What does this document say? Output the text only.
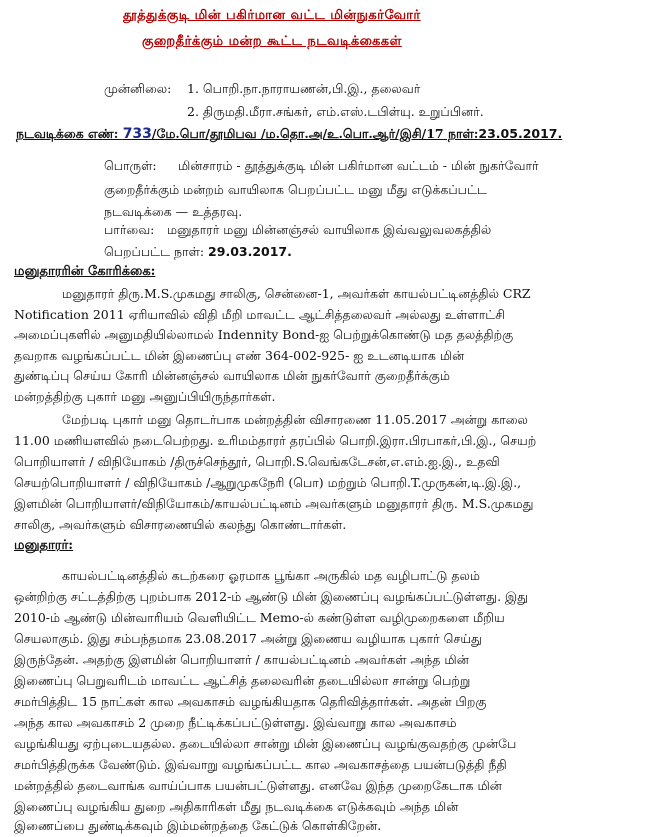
தூத்துக்குடி மின் பகிர்மான வட்ட மின்நுகர்வோர்
குறைதீர்க்கும் மன்ற கூட்ட நடவடிக்கைகள்
முன்னிலை: 1. பொறி.நா.நாராயணன்,பி.இ., தலைவர்
2. திருமதி.மீரா.சங்கர், எம்.எஸ்.டபிள்யு. உறுப்பினர்.
நடவடிக்கை எண்: 733/மே.பொ/தூமிபவ /ம.தொ.அ/உ.பொ.ஆர்/இசி/17 நாள்:23.05.2017.
பொருள்: மின்சாரம் - தூத்துக்குடி மின் பகிர்மான வட்டம் - மின் நுகர்வோர்
குறைதீர்க்கும் மன்றம் வாயிலாக பெறப்பட்ட மனு மீது எடுக்கப்பட்ட
நடவடிக்கை — உத்தரவு.
பார்வை: மனுதாரர் மனு மின்னஞ்சல் வாயிலாக இவ்வலுவலகத்தில்
பெறப்பட்ட நாள்: 29.03.2017.
மனுதாரரின் கோரிக்கை:
மனுதாரர் திரு.M.S.முகமது சாலிகு, சென்னை-1, அவர்கள் காயல்பட்டினத்தில் CRZ
Notification 2011 ஏரியாவில் விதி மீறி மாவட்ட ஆட்சித்தலைவர் அல்லது உள்ளாட்சி
அமைப்புகளில் அனுமதியில்லாமல் Indennity Bond-ஐ பெற்றுக்கொண்டு மத தலத்திற்கு
தவறாக வழங்கப்பட்ட மின் இணைப்பு எண் 364-002-925- ஐ உடனடியாக மின்
துண்டிப்பு செய்ய கோரி மின்னஞ்சல் வாயிலாக மின் நுகர்வோர் குறைதீர்க்கும்
மன்றத்திற்கு புகார் மனு அனுப்பியிருந்தார்கள்.
மேற்படி புகார் மனு தொடர்பாக மன்றத்தின் விசாரணை 11.05.2017 அன்று காலை
11.00 மணியளவில் நடைபெற்றது. உரிமம்தாரர் தரப்பில் பொறி.இரா.பிரபாகர்,பி.இ., செயற்
பொறியாளர் / விநியோகம் /திருச்செந்தூர், பொறி.S.வெங்கடேசன்,எ.எம்.ஐ.இ., உதவி
செயற்பொறியாளர் / விநியோகம் /ஆறுமுகநேரி (பொ) மற்றும் பொறி.T.முருகன்,டி.இ.இ.,
இளமின் பொறியாளர்/விநியோகம்/காயல்பட்டினம் அவர்களும் மனுதாரர் திரு. M.S.முகமது
சாலிகு, அவர்களும் விசாரணையில் கலந்து கொண்டார்கள்.
மனுதாரர்:
காயல்பட்டினத்தில் கடற்கரை ஓரமாக பூங்கா அருகில் மத வழிபாட்டு தலம்
ஒன்றிற்கு சட்டத்திற்கு புறம்பாக 2012-ம் ஆண்டு மின் இணைப்பு வழங்கப்பட்டுள்ளது. இது
2010-ம் ஆண்டு மின்வாரியம் வெளியிட்ட Memo-ல் கண்டுள்ள வழிமுறைகளை மீறிய
செயலாகும். இது சம்பந்தமாக 23.08.2017 அன்று இணைய வழியாக புகார் செய்து
இருந்தேன். அதற்கு இளமின் பொறியாளர் / காயல்பட்டினம் அவர்கள் அந்த மின்
இணைப்பு பெறுவரிடம் மாவட்ட ஆட்சித் தலைவரின் தடையில்லா சான்று பெற்று
சமர்பித்திட 15 நாட்கள் கால அவகாசம் வழங்கியதாக தெரிவித்தார்கள். அதன் பிறகு
அந்த கால அவகாசம் 2 முறை நீட்டிக்கப்பட்டுள்ளது. இவ்வாறு கால அவகாசம்
வழங்கியது ஏற்புடையதல்ல. தடையில்லா சான்று மின் இணைப்பு வழங்குவதற்கு முன்பே
சமர்பித்திருக்க வேண்டும். இவ்வாறு வழங்கப்பட்ட கால அவகாசத்தை பயன்படுத்தி நீதி
மன்றத்தில் தடைவாங்க வாய்ப்பாக பயன்பட்டுள்ளது. எனவே இந்த முறைகேடாக மின்
இணைப்பு வழங்கிய துறை அதிகாரிகள் மீது நடவடிக்கை எடுக்கவும் அந்த மின்
இணைப்பை துண்டிக்கவும் இம்மன்றத்தை கேட்டுக் கொள்கிறேன்.
